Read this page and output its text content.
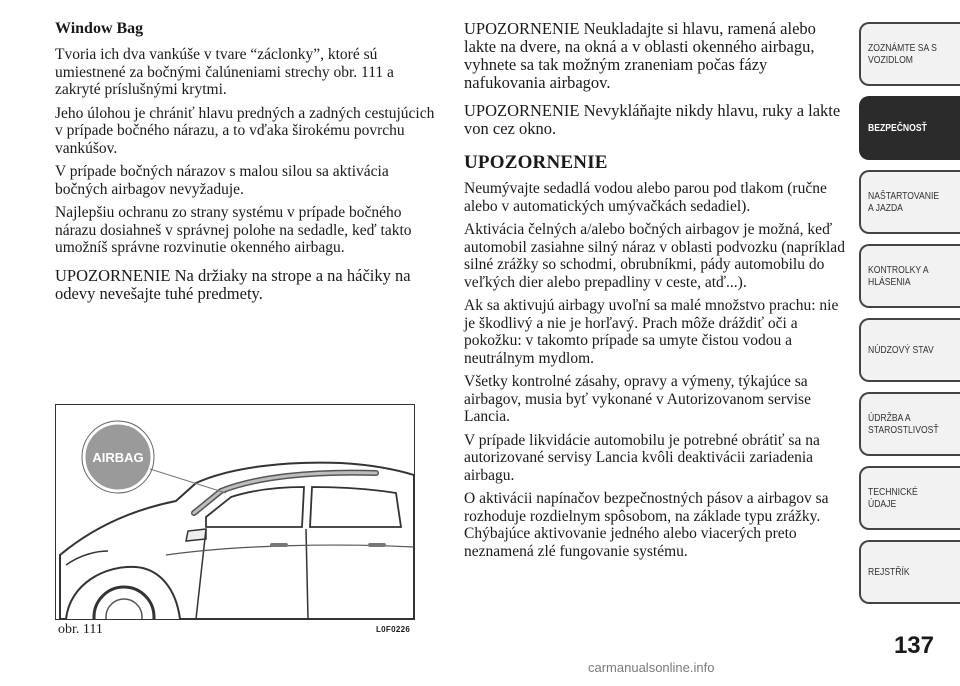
Window Bag

Tvoria ich dva vankúše v tvare “záclonky”, ktoré sú umiestnené za bočnými čalúneniami strechy obr. 111 a zakryté príslušnými krytmi.

Jeho úlohou je chrániť hlavu predných a zadných cestujúcich v prípade bočného nárazu, a to vďaka širokému povrchu vankúšov.

V prípade bočných nárazov s malou silou sa aktivácia bočných airbagov nevyžaduje.

Najlepšiu ochranu zo strany systému v prípade bočného nárazu dosiahneš v správnej polohe na sedadle, keď takto umožníš správne rozvinutie okenného airbagu.

UPOZORNENIE Na držiaky na strope a na háčiky na odevy nevešajte tuhé predmety.

AIRBAG
obr. 111	L0F0226

UPOZORNENIE Neukladajte si hlavu, ramená alebo lakte na dvere, na okná a v oblasti okenného airbagu, vyhnete sa tak možným zraneniam počas fázy nafukovania airbagov.

UPOZORNENIE Nevykláňajte nikdy hlavu, ruky a lakte von cez okno.

UPOZORNENIE

Neumývajte sedadlá vodou alebo parou pod tlakom (ručne alebo v automatických umývačkách sedadiel).

Aktivácia čelných a/alebo bočných airbagov je možná, keď automobil zasiahne silný náraz v oblasti podvozku (napríklad silné zrážky so schodmi, obrubníkmi, pády automobilu do veľkých dier alebo prepadliny v ceste, atď...).

Ak sa aktivujú airbagy uvoľní sa malé množstvo prachu: nie je škodlivý a nie je horľavý. Prach môže dráždiť oči a pokožku: v takomto prípade sa umyte čistou vodou a neutrálnym mydlom.

Všetky kontrolné zásahy, opravy a výmeny, týkajúce sa airbagov, musia byť vykonané v Autorizovanom servise Lancia.

V prípade likvidácie automobilu je potrebné obrátiť sa na autorizované servisy Lancia kvôli deaktivácii zariadenia airbagu.

O aktivácii napínačov bezpečnostných pásov a airbagov sa rozhoduje rozdielnym spôsobom, na základe typu zrážky. Chýbajúce aktivovanie jedného alebo viacerých preto neznamená zlé fungovanie systému.

ZOZNÁMTE SA S VOZIDLOM
BEZPEČNOSŤ
NAŠTARTOVANIE A JAZDA
KONTROLKY A HLÁSENIA
NÚDZOVÝ STAV
ÚDRŽBA A STAROSTLIVOSŤ
TECHNICKÉ ÚDAJE
REJSTŘÍK
137
carmanualsonline.info
